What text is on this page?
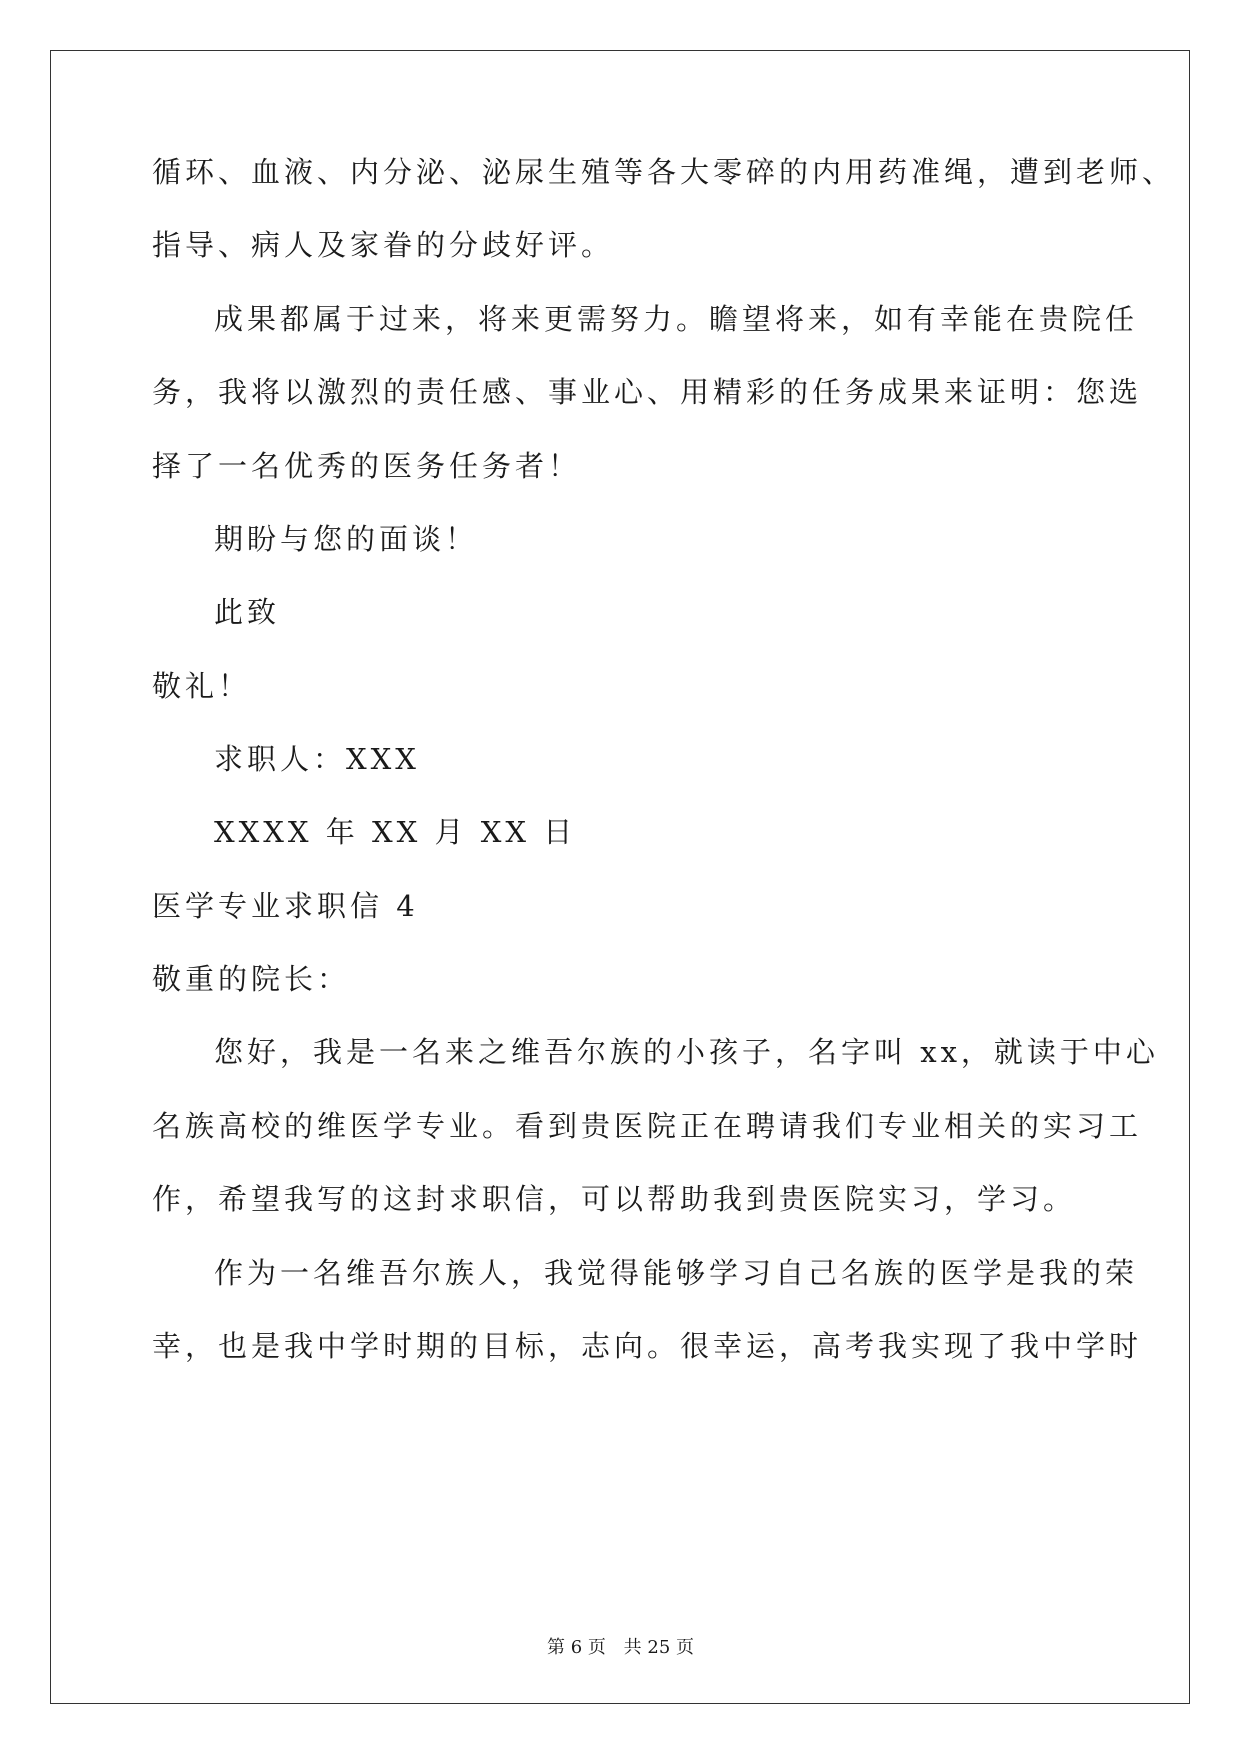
循环、血液、内分泌、泌尿生殖等各大零碎的内用药准绳，遭到老师、
指导、病人及家眷的分歧好评。
成果都属于过来，将来更需努力。瞻望将来，如有幸能在贵院任
务，我将以激烈的责任感、事业心、用精彩的任务成果来证明：您选
择了一名优秀的医务任务者！
期盼与您的面谈！
此致
敬礼！
求职人：XXX
XXXX 年 XX 月 XX 日
医学专业求职信 4
敬重的院长：
您好，我是一名来之维吾尔族的小孩子，名字叫 xx，就读于中心
名族高校的维医学专业。看到贵医院正在聘请我们专业相关的实习工
作，希望我写的这封求职信，可以帮助我到贵医院实习，学习。
作为一名维吾尔族人，我觉得能够学习自己名族的医学是我的荣
幸，也是我中学时期的目标，志向。很幸运，高考我实现了我中学时
第 6 页 共 25 页
